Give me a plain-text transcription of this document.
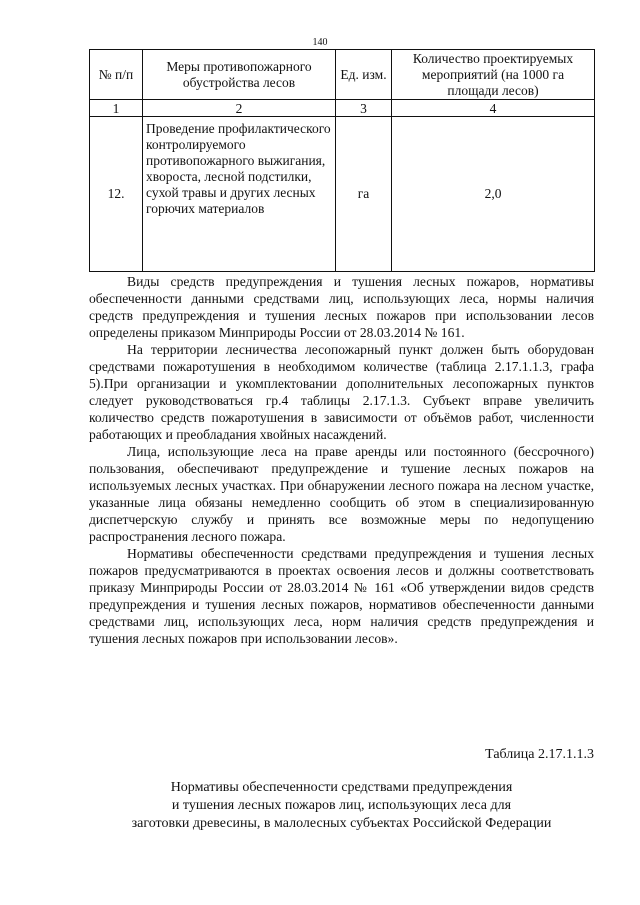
140
№ п/п	Меры противопожарного обустройства лесов	Ед. изм.	Количество проектируемых мероприятий (на 1000 га площади лесов)
1	2	3	4
12.	Проведение профилактического контролируемого противопожарного выжигания, хвороста, лесной подстилки, сухой травы и других лесных горючих материалов	га	2,0

Виды средств предупреждения и тушения лесных пожаров, нормативы обеспеченности данными средствами лиц, использующих леса, нормы наличия средств предупреждения и тушения лесных пожаров при использовании лесов определены приказом Минприроды России от 28.03.2014 № 161.

На территории лесничества лесопожарный пункт должен быть оборудован средствами пожаротушения в необходимом количестве (таблица 2.17.1.1.3, графа 5).При организации и укомплектовании дополнительных лесопожарных пунктов следует руководствоваться гр.4 таблицы 2.17.1.3. Субъект вправе увеличить количество средств пожаротушения в зависимости от объёмов работ, численности работающих и преобладания хвойных насаждений.

Лица, использующие леса на праве аренды или постоянного (бессрочного) пользования, обеспечивают предупреждение и тушение лесных пожаров на используемых лесных участках. При обнаружении лесного пожара на лесном участке, указанные лица обязаны немедленно сообщить об этом в специализированную диспетчерскую службу и принять все возможные меры по недопущению распространения лесного пожара.

Нормативы обеспеченности средствами предупреждения и тушения лесных пожаров предусматриваются в проектах освоения лесов и должны соответствовать приказу Минприроды России от 28.03.2014 № 161 «Об утверждении видов средств предупреждения и тушения лесных пожаров, нормативов обеспеченности данными средствами лиц, использующих леса, норм наличия средств предупреждения и тушения лесных пожаров при использовании лесов».

Таблица 2.17.1.1.3
Нормативы обеспеченности средствами предупреждения
и тушения лесных пожаров лиц, использующих леса для
заготовки древесины, в малолесных субъектах Российской Федерации
